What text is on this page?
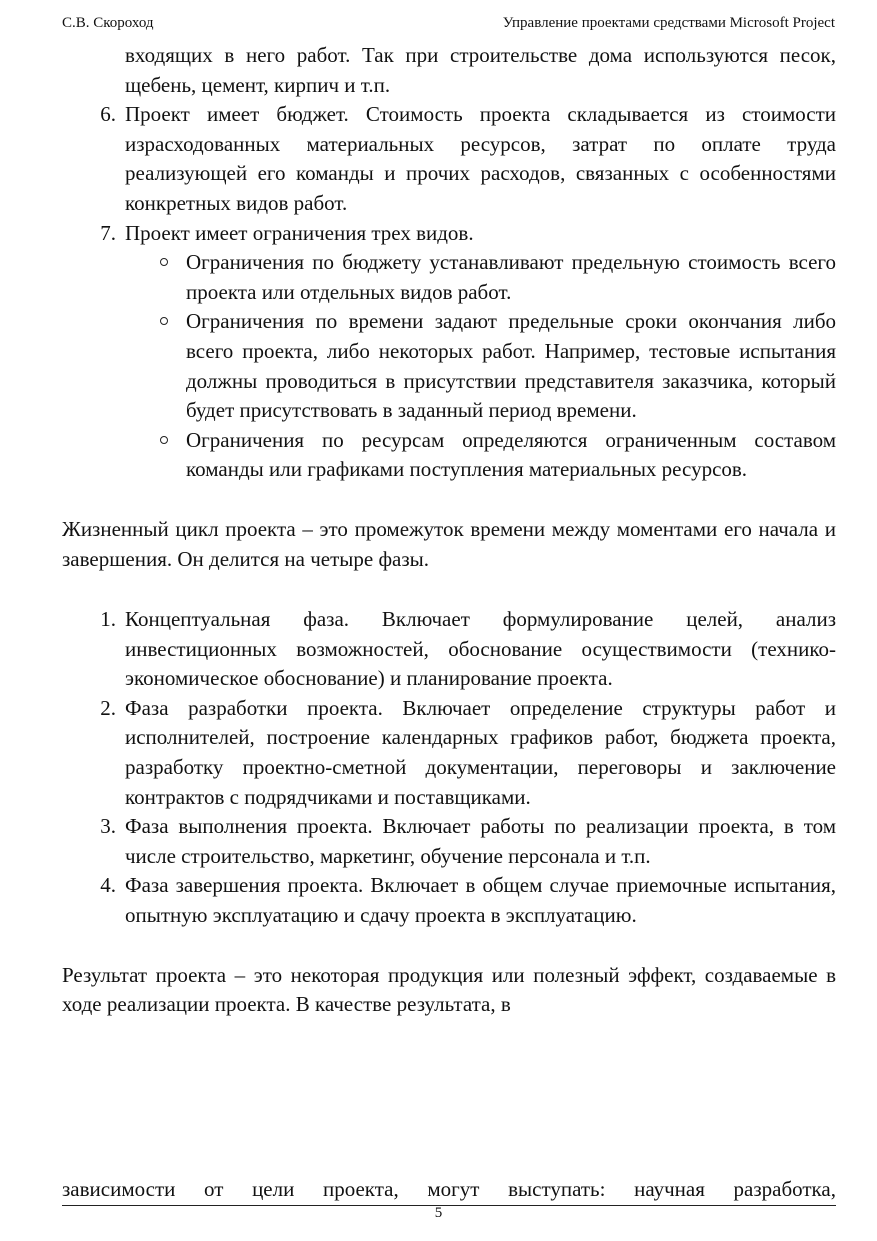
С.В. Скороход	Управление проектами средствами Microsoft Project
входящих в него работ. Так при строительстве дома используются песок, щебень, цемент, кирпич и т.п.
6. Проект имеет бюджет. Стоимость проекта складывается из стоимости израсходованных материальных ресурсов, затрат по оплате труда реализующей его команды и прочих расходов, связанных с особенностями конкретных видов работ.
7. Проект имеет ограничения трех видов.
Ограничения по бюджету устанавливают предельную стоимость всего проекта или отдельных видов работ.
Ограничения по времени задают предельные сроки окончания либо всего проекта, либо некоторых работ. Например, тестовые испытания должны проводиться в присутствии представителя заказчика, который будет присутствовать в заданный период времени.
Ограничения по ресурсам определяются ограниченным составом команды или графиками поступления материальных ресурсов.
Жизненный цикл проекта – это промежуток времени между моментами его начала и завершения. Он делится на четыре фазы.
1. Концептуальная фаза. Включает формулирование целей, анализ инвестиционных возможностей, обоснование осуществимости (технико-экономическое обоснование) и планирование проекта.
2. Фаза разработки проекта. Включает определение структуры работ и исполнителей, построение календарных графиков работ, бюджета проекта, разработку проектно-сметной документации, переговоры и заключение контрактов с подрядчиками и поставщиками.
3. Фаза выполнения проекта. Включает работы по реализации проекта, в том числе строительство, маркетинг, обучение персонала и т.п.
4. Фаза завершения проекта. Включает в общем случае приемочные испытания, опытную эксплуатацию и сдачу проекта в эксплуатацию.
Результат проекта – это некоторая продукция или полезный эффект, создаваемые в ходе реализации проекта. В качестве результата, в
зависимости от цели проекта, могут выступать: научная разработка,
5
